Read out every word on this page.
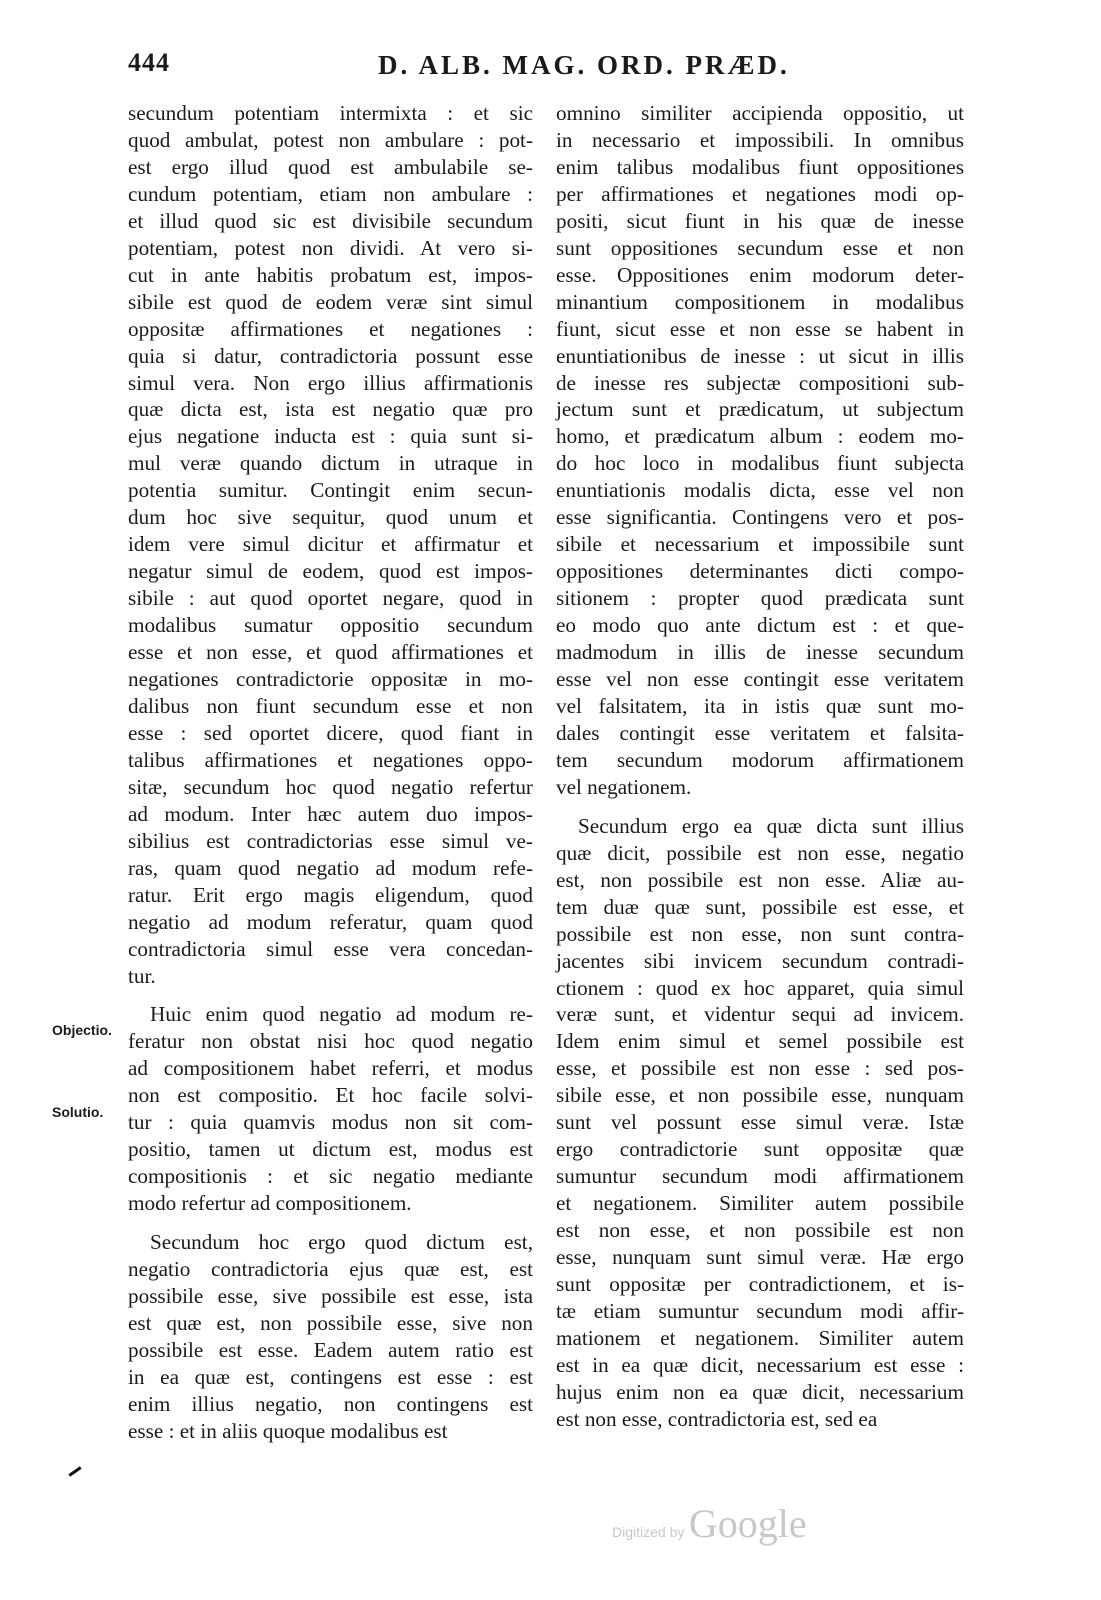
444	D. ALB. MAG. ORD. PRÆD.
Objectio.
Solutio.
secundum potentiam intermixta : et sic
quod ambulat, potest non ambulare : pot-
est ergo illud quod est ambulabile se-
cundum potentiam, etiam non ambulare :
et illud quod sic est divisibile secundum
potentiam, potest non dividi. At vero si-
cut in ante habitis probatum est, impos-
sibile est quod de eodem veræ sint simul
oppositæ affirmationes et negationes :
quia si datur, contradictoria possunt esse
simul vera. Non ergo illius affirmationis
quæ dicta est, ista est negatio quæ pro
ejus negatione inducta est : quia sunt si-
mul veræ quando dictum in utraque in
potentia sumitur. Contingit enim secun-
dum hoc sive sequitur, quod unum et
idem vere simul dicitur et affirmatur et
negatur simul de eodem, quod est impos-
sibile : aut quod oportet negare, quod in
modalibus sumatur oppositio secundum
esse et non esse, et quod affirmationes et
negationes contradictorie oppositæ in mo-
dalibus non fiunt secundum esse et non
esse : sed oportet dicere, quod fiant in
talibus affirmationes et negationes oppo-
sitæ, secundum hoc quod negatio refertur
ad modum. Inter hæc autem duo impos-
sibilius est contradictorias esse simul ve-
ras, quam quod negatio ad modum refe-
ratur. Erit ergo magis eligendum, quod
negatio ad modum referatur, quam quod
contradictoria simul esse vera concedan-
tur.
Huic enim quod negatio ad modum re-
feratur non obstat nisi hoc quod negatio
ad compositionem habet referri, et modus
non est compositio. Et hoc facile solvi-
tur : quia quamvis modus non sit com-
positio, tamen ut dictum est, modus est
compositionis : et sic negatio mediante
modo refertur ad compositionem.
Secundum hoc ergo quod dictum est,
negatio contradictoria ejus quæ est, est
possibile esse, sive possibile est esse, ista
est quæ est, non possibile esse, sive non
possibile est esse. Eadem autem ratio est
in ea quæ est, contingens est esse : est
enim illius negatio, non contingens est
esse : et in aliis quoque modalibus est
omnino similiter accipienda oppositio, ut
in necessario et impossibili. In omnibus
enim talibus modalibus fiunt oppositiones
per affirmationes et negationes modi op-
positi, sicut fiunt in his quæ de inesse
sunt oppositiones secundum esse et non
esse. Oppositiones enim modorum deter-
minantium compositionem in modalibus
fiunt, sicut esse et non esse se habent in
enuntiationibus de inesse : ut sicut in illis
de inesse res subjectæ compositioni sub-
jectum sunt et prædicatum, ut subjectum
homo, et prædicatum album : eodem mo-
do hoc loco in modalibus fiunt subjecta
enuntiationis modalis dicta, esse vel non
esse significantia. Contingens vero et pos-
sibile et necessarium et impossibile sunt
oppositiones determinantes dicti compo-
sitionem : propter quod prædicata sunt
eo modo quo ante dictum est : et que-
madmodum in illis de inesse secundum
esse vel non esse contingit esse veritatem
vel falsitatem, ita in istis quæ sunt mo-
dales contingit esse veritatem et falsita-
tem secundum modorum affirmationem
vel negationem.
Secundum ergo ea quæ dicta sunt illius
quæ dicit, possibile est non esse, negatio
est, non possibile est non esse. Aliæ au-
tem duæ quæ sunt, possibile est esse, et
possibile est non esse, non sunt contra-
jacentes sibi invicem secundum contradi-
ctionem : quod ex hoc apparet, quia simul
veræ sunt, et videntur sequi ad invicem.
Idem enim simul et semel possibile est
esse, et possibile est non esse : sed pos-
sibile esse, et non possibile esse, nunquam
sunt vel possunt esse simul veræ. Istæ
ergo contradictorie sunt oppositæ quæ
sumuntur secundum modi affirmationem
et negationem. Similiter autem possibile
est non esse, et non possibile est non
esse, nunquam sunt simul veræ. Hæ ergo
sunt oppositæ per contradictionem, et is-
tæ etiam sumuntur secundum modi affir-
mationem et negationem. Similiter autem
est in ea quæ dicit, necessarium est esse :
hujus enim non ea quæ dicit, necessarium
est non esse, contradictoria est, sed ea
Digitized by Google
